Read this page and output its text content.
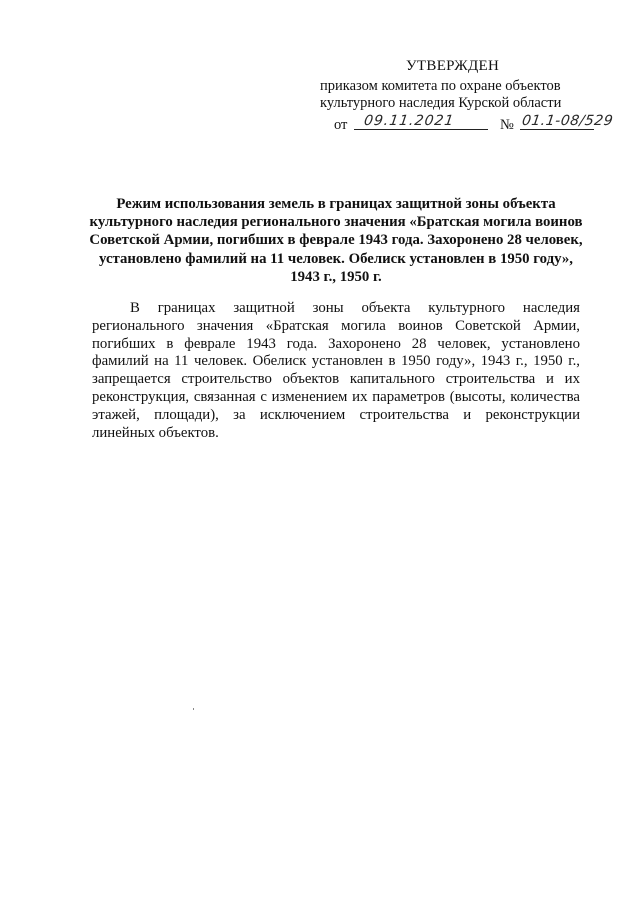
УТВЕРЖДЕН
приказом комитета по охране объектов
культурного наследия Курской области
от 09.11.2021	№ 01.1-08/529
Режим использования земель в границах защитной зоны объекта культурного наследия регионального значения «Братская могила воинов Советской Армии, погибших в феврале 1943 года. Захоронено 28 человек, установлено фамилий на 11 человек. Обелиск установлен в 1950 году», 1943 г., 1950 г.
В границах защитной зоны объекта культурного наследия регионального значения «Братская могила воинов Советской Армии, погибших в феврале 1943 года. Захоронено 28 человек, установлено фамилий на 11 человек. Обелиск установлен в 1950 году», 1943 г., 1950 г., запрещается строительство объектов капитального строительства и их реконструкция, связанная с изменением их параметров (высоты, количества этажей, площади), за исключением строительства и реконструкции линейных объектов.
